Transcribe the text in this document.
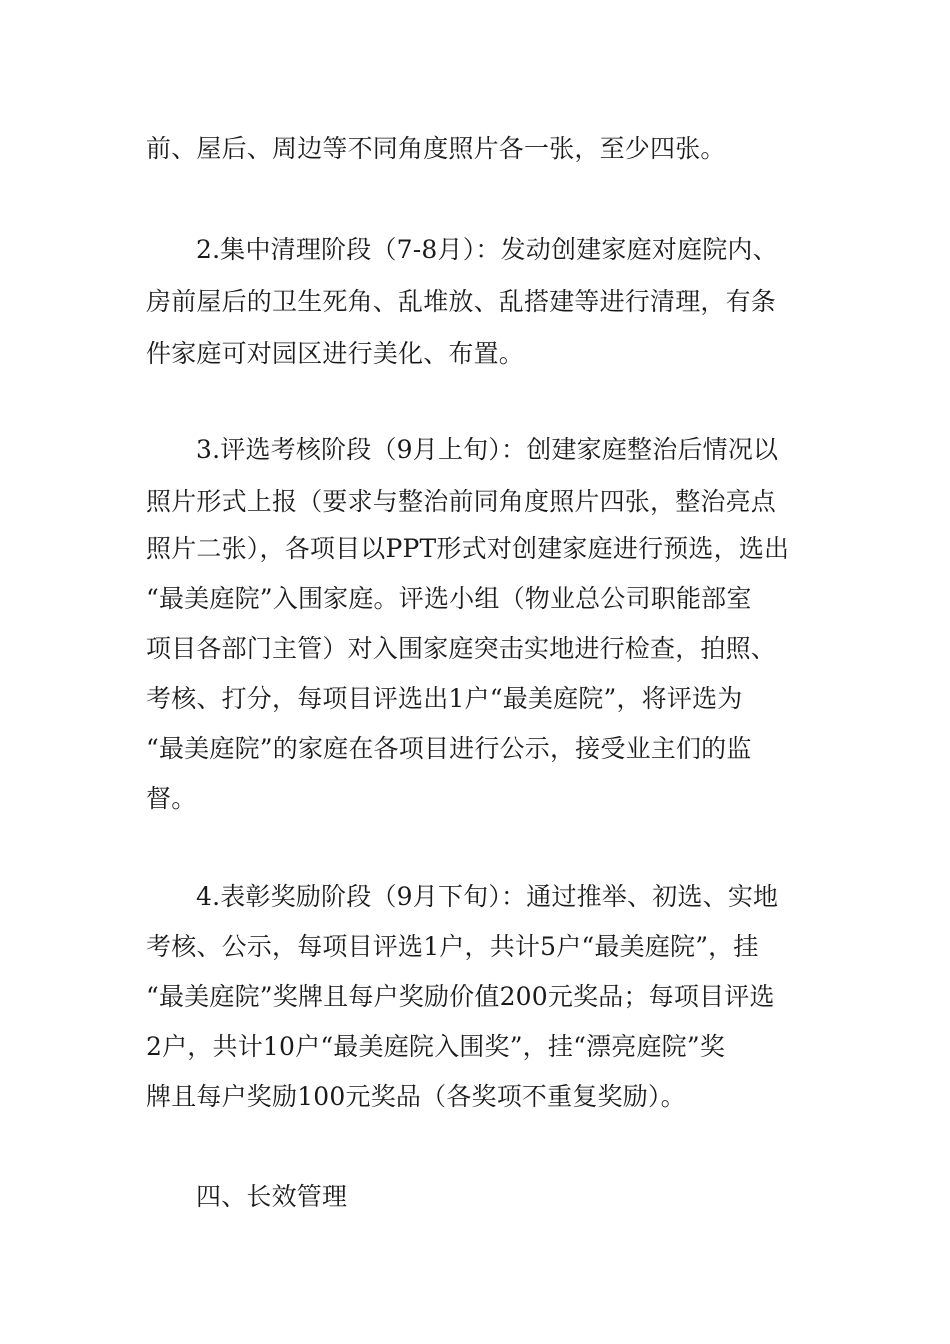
前、屋后、周边等不同角度照片各一张，至少四张。
2.集中清理阶段（7-8月）：发动创建家庭对庭院内、
房前屋后的卫生死角、乱堆放、乱搭建等进行清理，有条
件家庭可对园区进行美化、布置。
3.评选考核阶段（9月上旬）：创建家庭整治后情况以
照片形式上报（要求与整治前同角度照片四张，整治亮点
照片二张），各项目以PPT形式对创建家庭进行预选，选出
“最美庭院”入围家庭。评选小组（物业总公司职能部室
项目各部门主管）对入围家庭突击实地进行检查，拍照、
考核、打分，每项目评选出1户“最美庭院”，将评选为
“最美庭院”的家庭在各项目进行公示，接受业主们的监
督。
4.表彰奖励阶段（9月下旬）：通过推举、初选、实地
考核、公示，每项目评选1户，共计5户“最美庭院”，挂
“最美庭院”奖牌且每户奖励价值200元奖品；每项目评选
2户，共计10户“最美庭院入围奖”，挂“漂亮庭院”奖
牌且每户奖励100元奖品（各奖项不重复奖励）。
四、长效管理
